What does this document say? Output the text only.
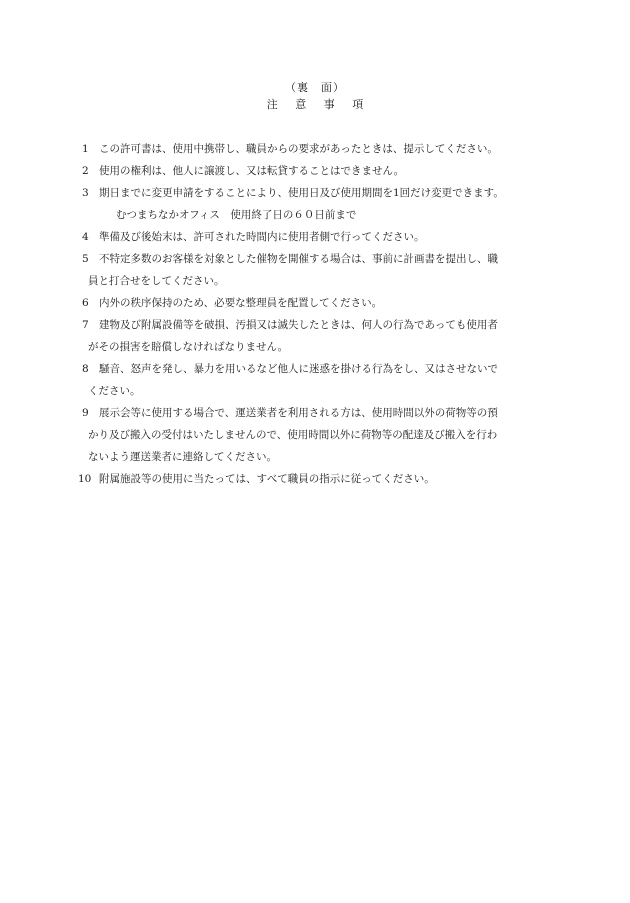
（裏　面）
注 意 事 項
1 この許可書は、使用中携帯し、職員からの要求があったときは、提示してください。
2 使用の権利は、他人に譲渡し、又は転貸することはできません。
3 期日までに変更申請をすることにより、使用日及び使用期間を1回だけ変更できます。
むつまちなかオフィス　使用終了日の６０日前まで
4 準備及び後始末は、許可された時間内に使用者側で行ってください。
5 不特定多数のお客様を対象とした催物を開催する場合は、事前に計画書を提出し、職
員と打合せをしてください。
6 内外の秩序保持のため、必要な整理員を配置してください。
7 建物及び附属設備等を破損、汚損又は滅失したときは、何人の行為であっても使用者
がその損害を賠償しなければなりません。
8 騒音、怒声を発し、暴力を用いるなど他人に迷惑を掛ける行為をし、又はさせないで
ください。
9 展示会等に使用する場合で、運送業者を利用される方は、使用時間以外の荷物等の預
かり及び搬入の受付はいたしませんので、使用時間以外に荷物等の配達及び搬入を行わ
ないよう運送業者に連絡してください。
10 附属施設等の使用に当たっては、すべて職員の指示に従ってください。
